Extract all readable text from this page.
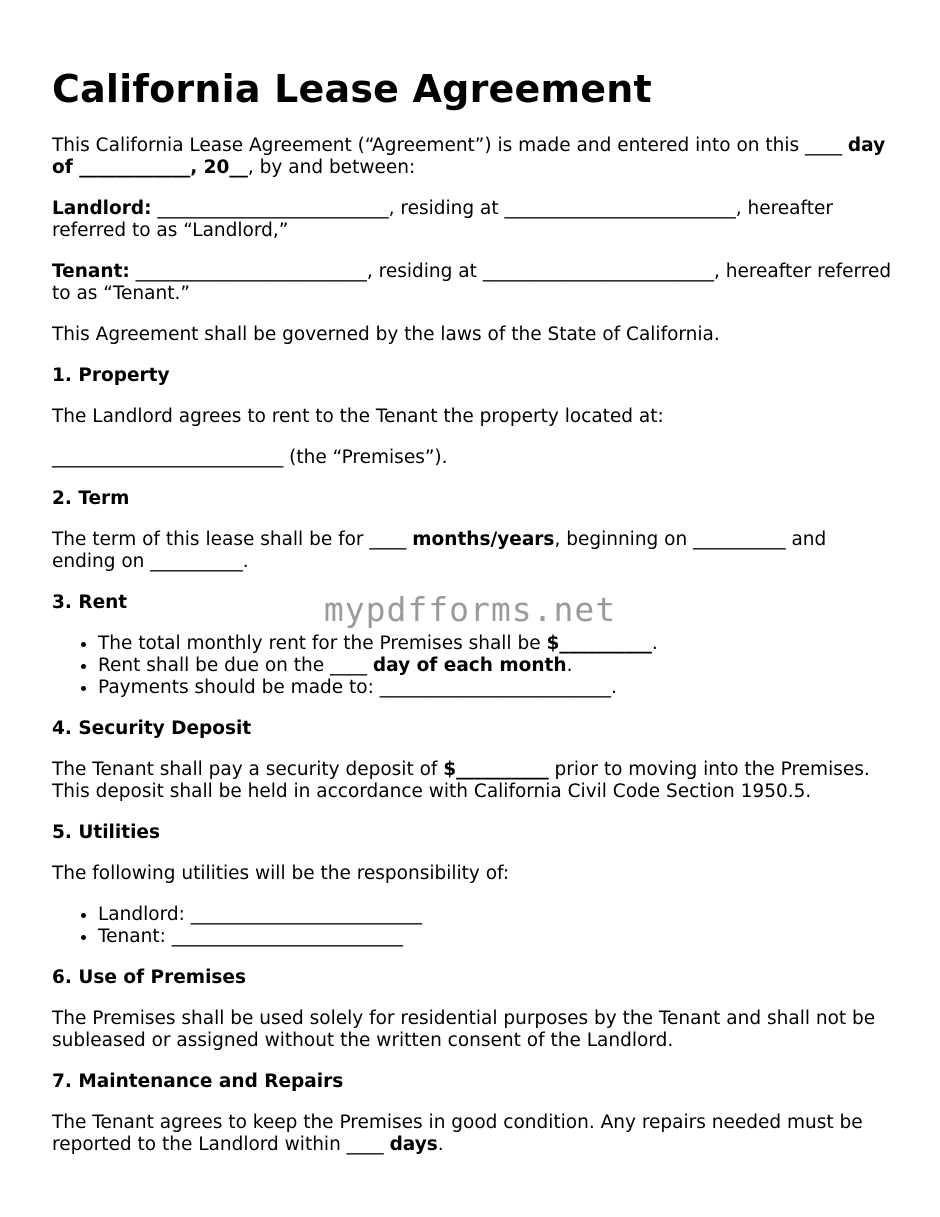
mypdfforms.net
California Lease Agreement

This California Lease Agreement (“Agreement”) is made and entered into on this ____ day of ____________, 20__, by and between:

Landlord: _________________________, residing at _________________________, hereafter referred to as “Landlord,”

Tenant: _________________________, residing at _________________________, hereafter referred to as “Tenant.”

This Agreement shall be governed by the laws of the State of California.

1. Property

The Landlord agrees to rent to the Tenant the property located at:

_________________________ (the “Premises”).

2. Term

The term of this lease shall be for ____ months/years, beginning on __________ and ending on __________.

3. Rent
• The total monthly rent for the Premises shall be $__________.
• Rent shall be due on the ____ day of each month.
• Payments should be made to: _________________________.
4. Security Deposit

The Tenant shall pay a security deposit of $__________ prior to moving into the Premises. This deposit shall be held in accordance with California Civil Code Section 1950.5.

5. Utilities

The following utilities will be the responsibility of:

• Landlord: _________________________
• Tenant: _________________________
6. Use of Premises

The Premises shall be used solely for residential purposes by the Tenant and shall not be subleased or assigned without the written consent of the Landlord.

7. Maintenance and Repairs

The Tenant agrees to keep the Premises in good condition. Any repairs needed must be reported to the Landlord within ____ days.
